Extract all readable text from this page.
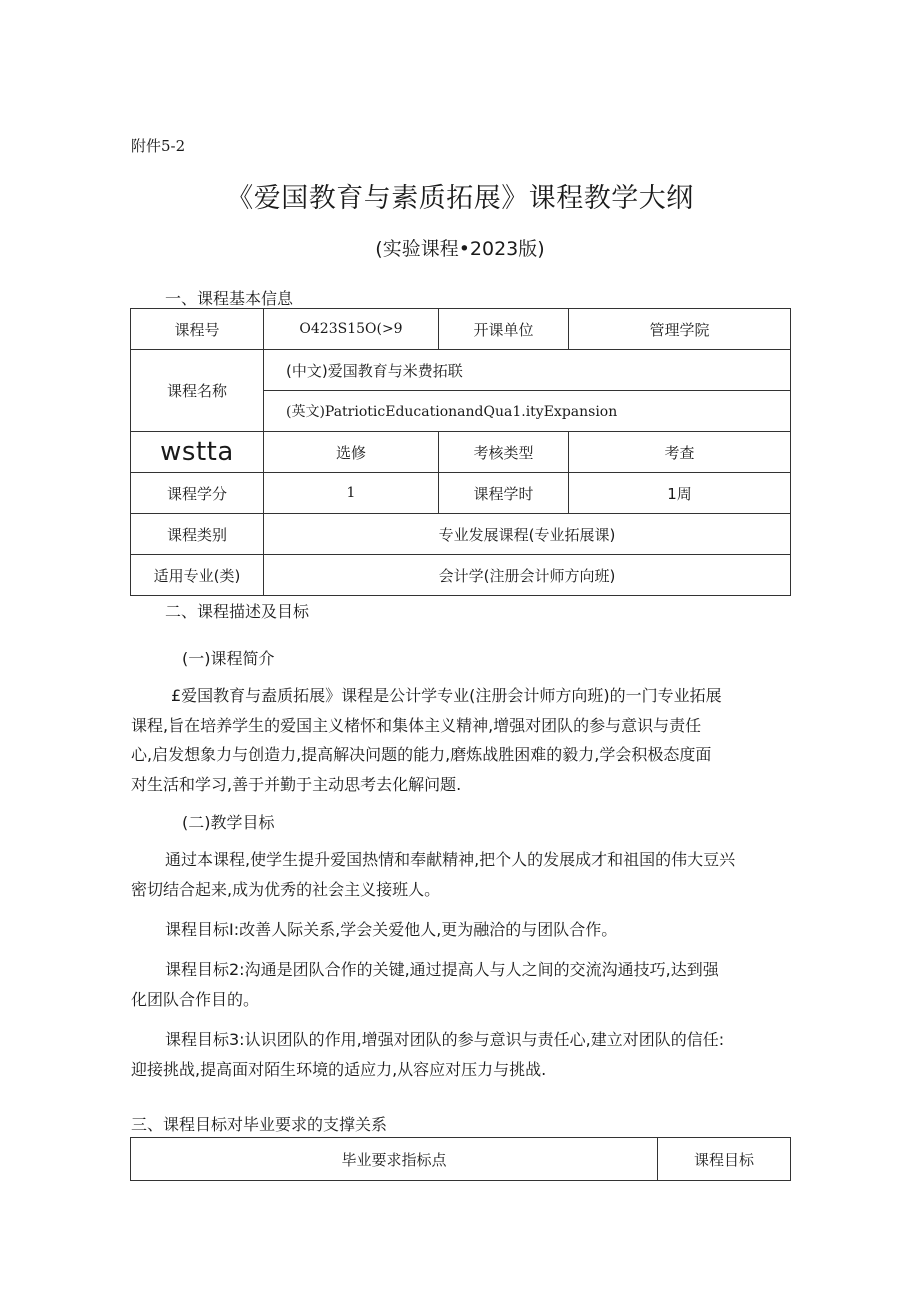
附件5-2
《爱国教育与素质拓展》课程教学大纲
(实验课程•2023版)
一、课程基本信息
课程号	O423S15O(>9	开课单位	管理学院
课程名称	(中文)爱国教育与米费拓联		
	(英文)PatrioticEducationandQua1.ityExpansion		
wstta	选修	考核类型	考查
课程学分	1	课程学时	1周
课程类别	专业发展课程(专业拓展课)		
适用专业(类)	会计学(注册会计师方向班)		
二、课程描述及目标
(一)课程简介
£爱国教育与盍质拓展》课程是公计学专业(注册会计师方向班)的一门专业拓展
课程,旨在培养学生的爱国主义楮怀和集体主义精神,增强对团队的参与意识与责任
心,启发想象力与创造力,提高解决问题的能力,磨炼战胜困难的毅力,学会积极态度面
对生活和学习,善于并勤于主动思考去化解问题.
(二)教学目标
通过本课程,使学生提升爱国热情和奉献精神,把个人的发展成才和祖国的伟大豆兴
密切结合起来,成为优秀的社会主义接班人。
课程目标I:改善人际关系,学会关爱他人,更为融洽的与团队合作。
课程目标2:沟通是团队合作的关键,通过提高人与人之间的交流沟通技巧,达到强
化团队合作目的。
课程目标3:认识团队的作用,增强对团队的参与意识与责任心,建立对团队的信任:
迎接挑战,提高面对陌生环境的适应力,从容应对压力与挑战.
三、课程目标对毕业要求的支撑关系
毕业要求指标点	课程目标
